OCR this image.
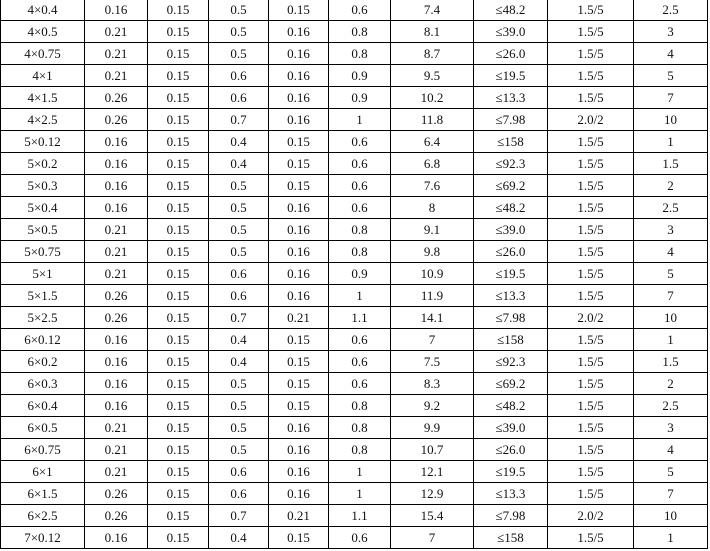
4×0.4	0.16	0.15	0.5	0.15	0.6	7.4	≤48.2	1.5/5	2.5
4×0.5	0.21	0.15	0.5	0.16	0.8	8.1	≤39.0	1.5/5	3
4×0.75	0.21	0.15	0.5	0.16	0.8	8.7	≤26.0	1.5/5	4
4×1	0.21	0.15	0.6	0.16	0.9	9.5	≤19.5	1.5/5	5
4×1.5	0.26	0.15	0.6	0.16	0.9	10.2	≤13.3	1.5/5	7
4×2.5	0.26	0.15	0.7	0.16	1	11.8	≤7.98	2.0/2	10
5×0.12	0.16	0.15	0.4	0.15	0.6	6.4	≤158	1.5/5	1
5×0.2	0.16	0.15	0.4	0.15	0.6	6.8	≤92.3	1.5/5	1.5
5×0.3	0.16	0.15	0.5	0.15	0.6	7.6	≤69.2	1.5/5	2
5×0.4	0.16	0.15	0.5	0.16	0.6	8	≤48.2	1.5/5	2.5
5×0.5	0.21	0.15	0.5	0.16	0.8	9.1	≤39.0	1.5/5	3
5×0.75	0.21	0.15	0.5	0.16	0.8	9.8	≤26.0	1.5/5	4
5×1	0.21	0.15	0.6	0.16	0.9	10.9	≤19.5	1.5/5	5
5×1.5	0.26	0.15	0.6	0.16	1	11.9	≤13.3	1.5/5	7
5×2.5	0.26	0.15	0.7	0.21	1.1	14.1	≤7.98	2.0/2	10
6×0.12	0.16	0.15	0.4	0.15	0.6	7	≤158	1.5/5	1
6×0.2	0.16	0.15	0.4	0.15	0.6	7.5	≤92.3	1.5/5	1.5
6×0.3	0.16	0.15	0.5	0.15	0.6	8.3	≤69.2	1.5/5	2
6×0.4	0.16	0.15	0.5	0.15	0.8	9.2	≤48.2	1.5/5	2.5
6×0.5	0.21	0.15	0.5	0.16	0.8	9.9	≤39.0	1.5/5	3
6×0.75	0.21	0.15	0.5	0.16	0.8	10.7	≤26.0	1.5/5	4
6×1	0.21	0.15	0.6	0.16	1	12.1	≤19.5	1.5/5	5
6×1.5	0.26	0.15	0.6	0.16	1	12.9	≤13.3	1.5/5	7
6×2.5	0.26	0.15	0.7	0.21	1.1	15.4	≤7.98	2.0/2	10
7×0.12	0.16	0.15	0.4	0.15	0.6	7	≤158	1.5/5	1
